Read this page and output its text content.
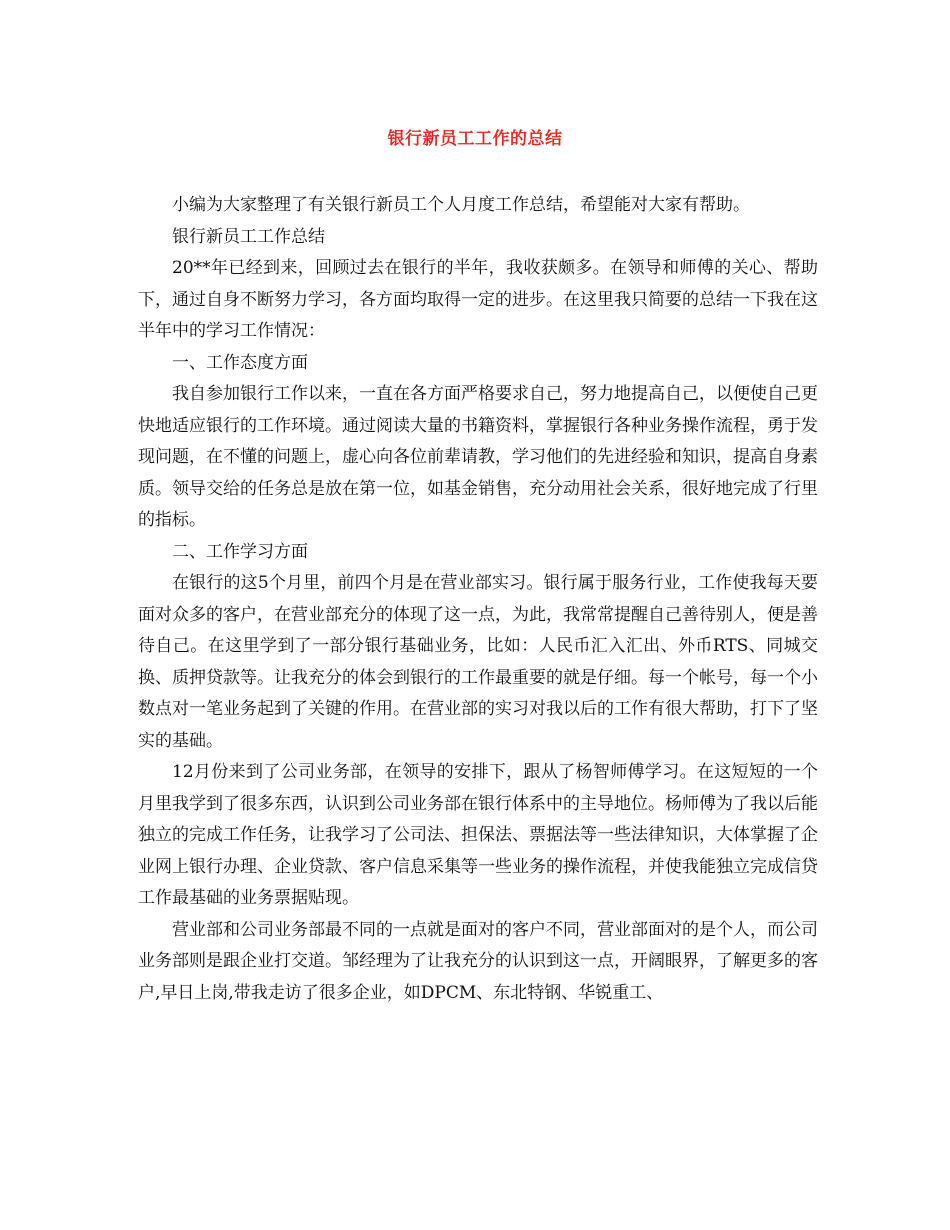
银行新员工工作的总结

小编为大家整理了有关银行新员工个人月度工作总结，希望能对大家有帮助。

银行新员工工作总结

20**年已经到来，回顾过去在银行的半年，我收获颇多。在领导和师傅的关心、帮助下，通过自身不断努力学习，各方面均取得一定的进步。在这里我只简要的总结一下我在这半年中的学习工作情况：

一、工作态度方面

我自参加银行工作以来，一直在各方面严格要求自己，努力地提高自己，以便使自己更快地适应银行的工作环境。通过阅读大量的书籍资料，掌握银行各种业务操作流程，勇于发现问题，在不懂的问题上，虚心向各位前辈请教，学习他们的先进经验和知识，提高自身素质。领导交给的任务总是放在第一位，如基金销售，充分动用社会关系，很好地完成了行里的指标。

二、工作学习方面

在银行的这5个月里，前四个月是在营业部实习。银行属于服务行业，工作使我每天要面对众多的客户，在营业部充分的体现了这一点，为此，我常常提醒自己善待别人，便是善待自己。在这里学到了一部分银行基础业务，比如：人民币汇入汇出、外币RTS、同城交换、质押贷款等。让我充分的体会到银行的工作最重要的就是仔细。每一个帐号，每一个小数点对一笔业务起到了关键的作用。在营业部的实习对我以后的工作有很大帮助，打下了坚实的基础。

12月份来到了公司业务部，在领导的安排下，跟从了杨智师傅学习。在这短短的一个月里我学到了很多东西，认识到公司业务部在银行体系中的主导地位。杨师傅为了我以后能独立的完成工作任务，让我学习了公司法、担保法、票据法等一些法律知识，大体掌握了企业网上银行办理、企业贷款、客户信息采集等一些业务的操作流程，并使我能独立完成信贷工作最基础的业务票据贴现。

营业部和公司业务部最不同的一点就是面对的客户不同，营业部面对的是个人，而公司业务部则是跟企业打交道。邹经理为了让我充分的认识到这一点，开阔眼界，了解更多的客户,早日上岗,带我走访了很多企业，如DPCM、东北特钢、华锐重工、
